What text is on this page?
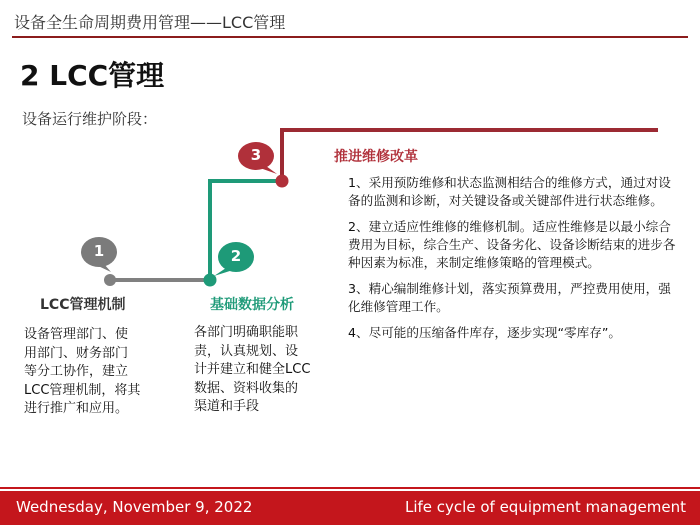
设备全生命周期费用管理——LCC管理
2 LCC管理
设备运行维护阶段：
1	2
3
LCC管理机制	基础数据分析
推进维修改革
设备管理部门、使
用部门、财务部门
等分工协作，建立
LCC管理机制，将其
进行推广和应用。
各部门明确职能职
责，认真规划、设
计并建立和健全LCC
数据、资料收集的
渠道和手段
1、采用预防维修和状态监测相结合的维修方式，通过对设备的监测和诊断，对关键设备或关键部件进行状态维修。
2、建立适应性维修的维修机制。适应性维修是以最小综合费用为目标，综合生产、设备劣化、设备诊断结束的进步各种因素为标准，来制定维修策略的管理模式。
3、精心编制维修计划，落实预算费用，严控费用使用，强化维修管理工作。
4、尽可能的压缩备件库存，逐步实现“零库存”。
Wednesday, November 9, 2022	Life cycle of equipment management
